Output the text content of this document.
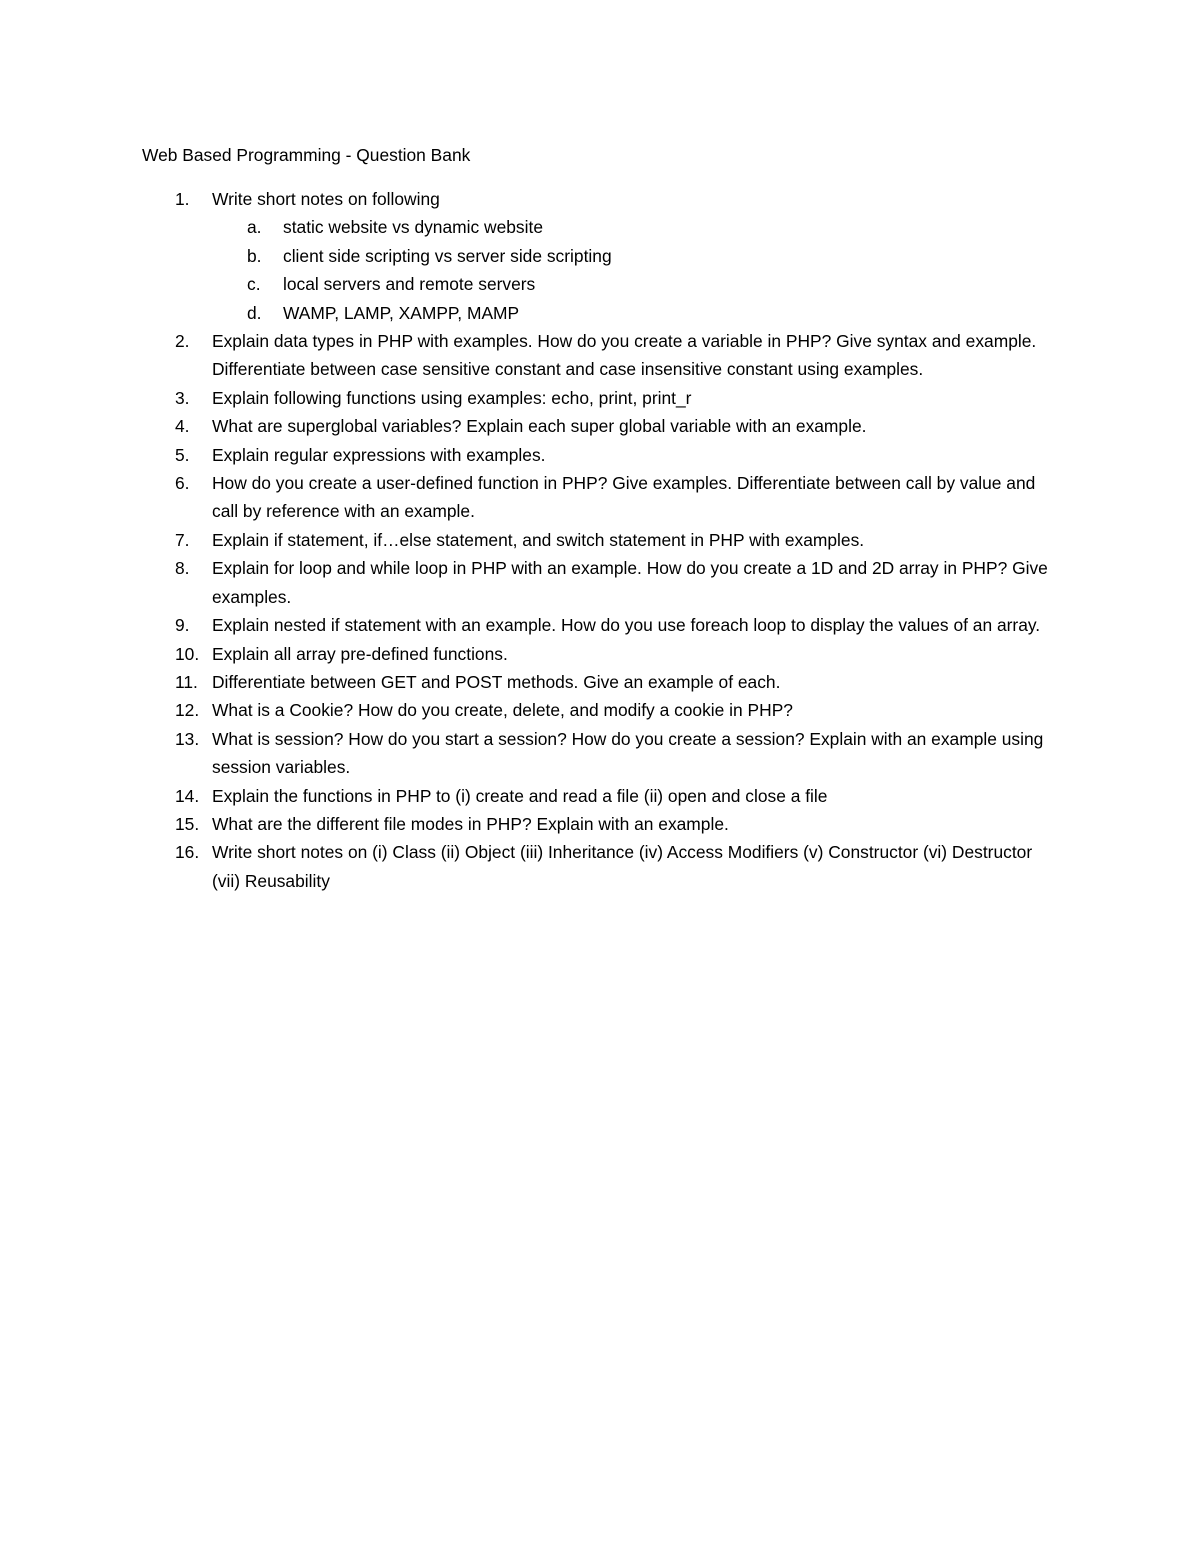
Web Based Programming - Question Bank
1. Write short notes on following
a. static website vs dynamic website
b. client side scripting vs server side scripting
c. local servers and remote servers
d. WAMP, LAMP, XAMPP, MAMP
2. Explain data types in PHP with examples. How do you create a variable in PHP? Give syntax and example. Differentiate between case sensitive constant and case insensitive constant using examples.
3. Explain following functions using examples: echo, print, print_r
4. What are superglobal variables? Explain each super global variable with an example.
5. Explain regular expressions with examples.
6. How do you create a user-defined function in PHP? Give examples. Differentiate between call by value and call by reference with an example.
7. Explain if statement, if…else statement, and switch statement in PHP with examples.
8. Explain for loop and while loop in PHP with an example. How do you create a 1D and 2D array in PHP? Give examples.
9. Explain nested if statement with an example. How do you use foreach loop to display the values of an array.
10. Explain all array pre-defined functions.
11. Differentiate between GET and POST methods. Give an example of each.
12. What is a Cookie? How do you create, delete, and modify a cookie in PHP?
13. What is session? How do you start a session? How do you create a session? Explain with an example using session variables.
14. Explain the functions in PHP to (i) create and read a file (ii) open and close a file
15. What are the different file modes in PHP? Explain with an example.
16. Write short notes on (i) Class (ii) Object (iii) Inheritance (iv) Access Modifiers (v) Constructor (vi) Destructor (vii) Reusability
